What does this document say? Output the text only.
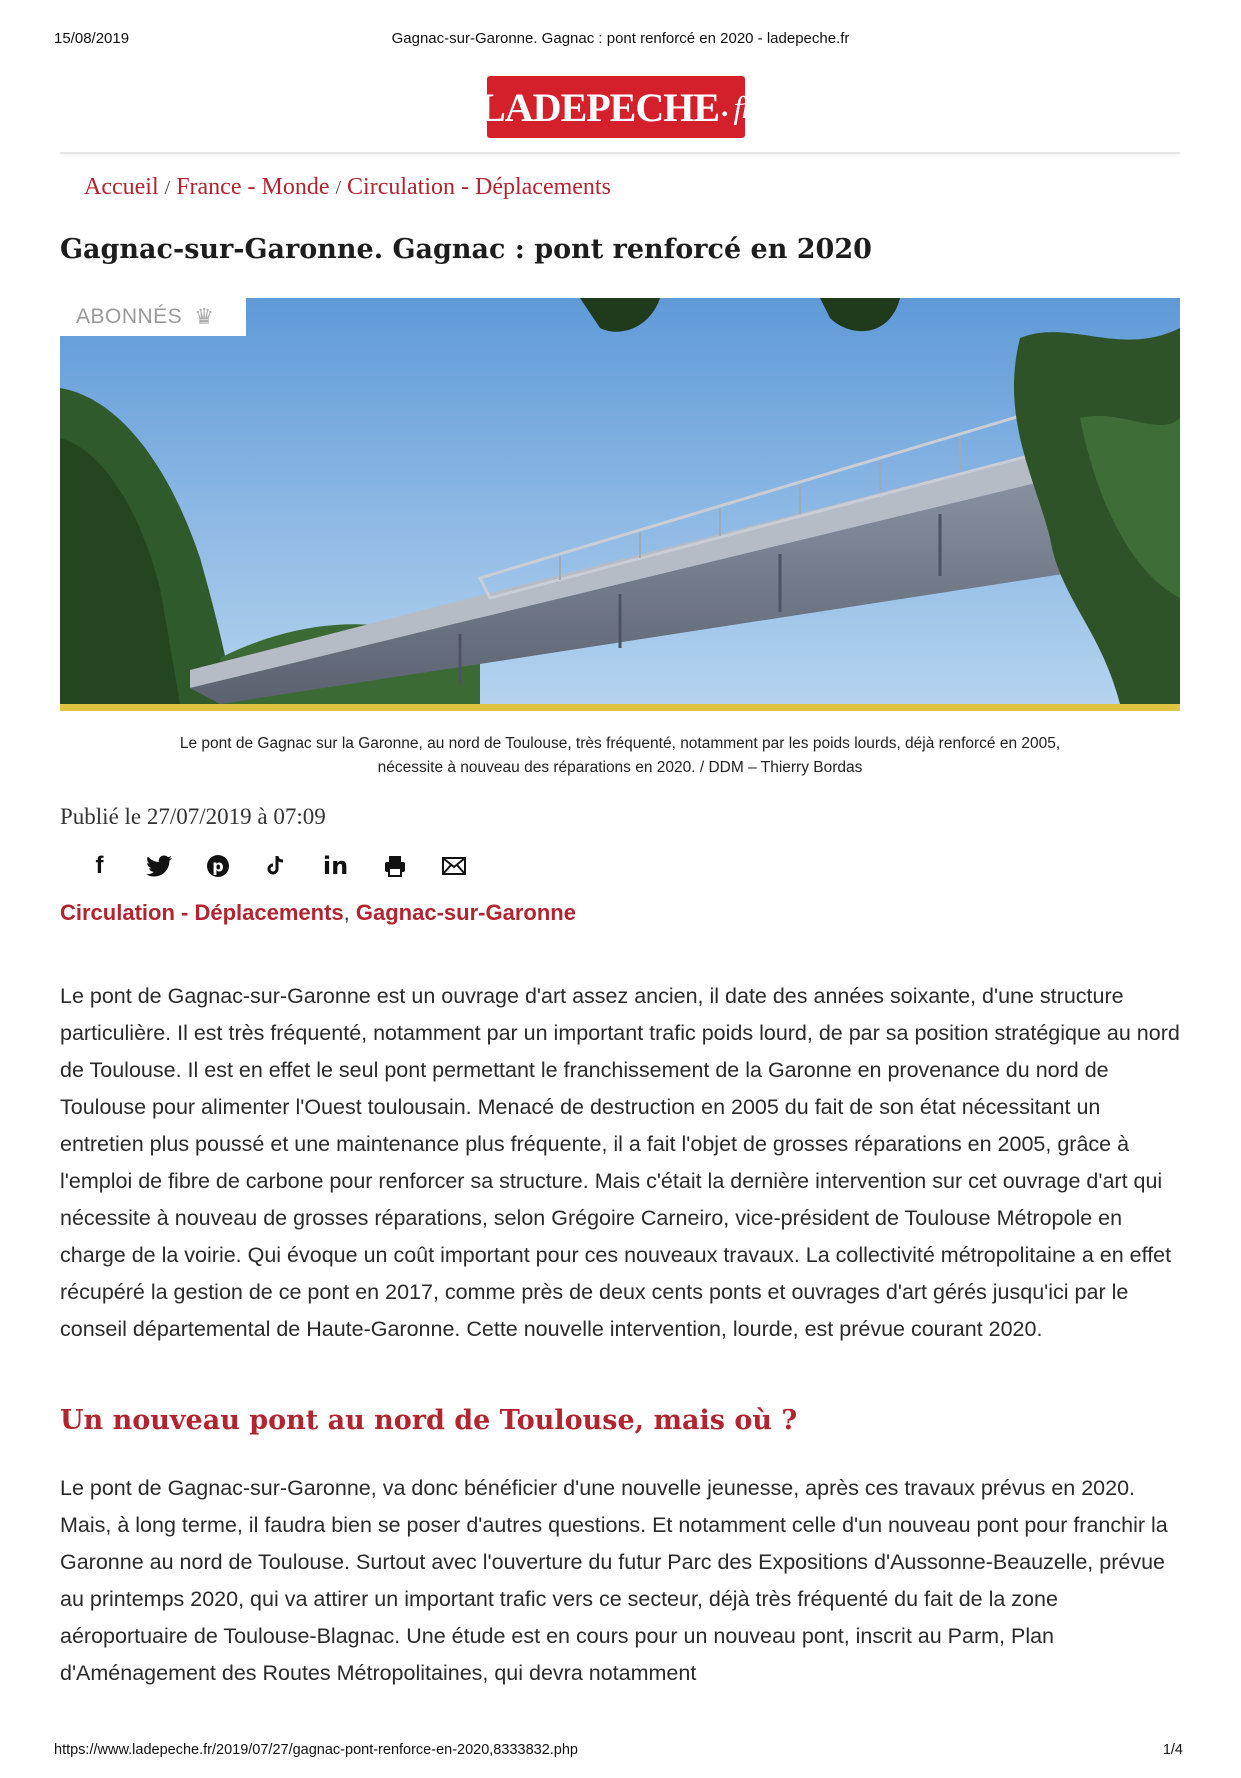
15/08/2019	Gagnac-sur-Garonne. Gagnac : pont renforcé en 2020 - ladepeche.fr
LADEPECHE . fr
Accueil / France - Monde / Circulation - Déplacements
Gagnac-sur-Garonne. Gagnac : pont renforcé en 2020
ABONNÉS ♛
Le pont de Gagnac sur la Garonne, au nord de Toulouse, très fréquenté, notamment par les poids lourds, déjà renforcé en 2005,
nécessite à nouveau des réparations en 2020. / DDM – Thierry Bordas
Publié le 27/07/2019 à 07:09
f	p	in
Circulation - Déplacements, Gagnac-sur-Garonne

Le pont de Gagnac-sur-Garonne est un ouvrage d'art assez ancien, il date des années soixante, d'une structure particulière. Il est très fréquenté, notamment par un important trafic poids lourd, de par sa position stratégique au nord de Toulouse. Il est en effet le seul pont permettant le franchissement de la Garonne en provenance du nord de Toulouse pour alimenter l'Ouest toulousain. Menacé de destruction en 2005 du fait de son état nécessitant un entretien plus poussé et une maintenance plus fréquente, il a fait l'objet de grosses réparations en 2005, grâce à l'emploi de fibre de carbone pour renforcer sa structure. Mais c'était la dernière intervention sur cet ouvrage d'art qui nécessite à nouveau de grosses réparations, selon Grégoire Carneiro, vice-président de Toulouse Métropole en charge de la voirie. Qui évoque un coût important pour ces nouveaux travaux. La collectivité métropolitaine a en effet récupéré la gestion de ce pont en 2017, comme près de deux cents ponts et ouvrages d'art gérés jusqu'ici par le conseil départemental de Haute-Garonne. Cette nouvelle intervention, lourde, est prévue courant 2020.

Un nouveau pont au nord de Toulouse, mais où ?

Le pont de Gagnac-sur-Garonne, va donc bénéficier d'une nouvelle jeunesse, après ces travaux prévus en 2020. Mais, à long terme, il faudra bien se poser d'autres questions. Et notamment celle d'un nouveau pont pour franchir la Garonne au nord de Toulouse. Surtout avec l'ouverture du futur Parc des Expositions d'Aussonne-Beauzelle, prévue au printemps 2020, qui va attirer un important trafic vers ce secteur, déjà très fréquenté du fait de la zone aéroportuaire de Toulouse-Blagnac. Une étude est en cours pour un nouveau pont, inscrit au Parm, Plan d'Aménagement des Routes Métropolitaines, qui devra notamment

https://www.ladepeche.fr/2019/07/27/gagnac-pont-renforce-en-2020,8333832.php	1/4
